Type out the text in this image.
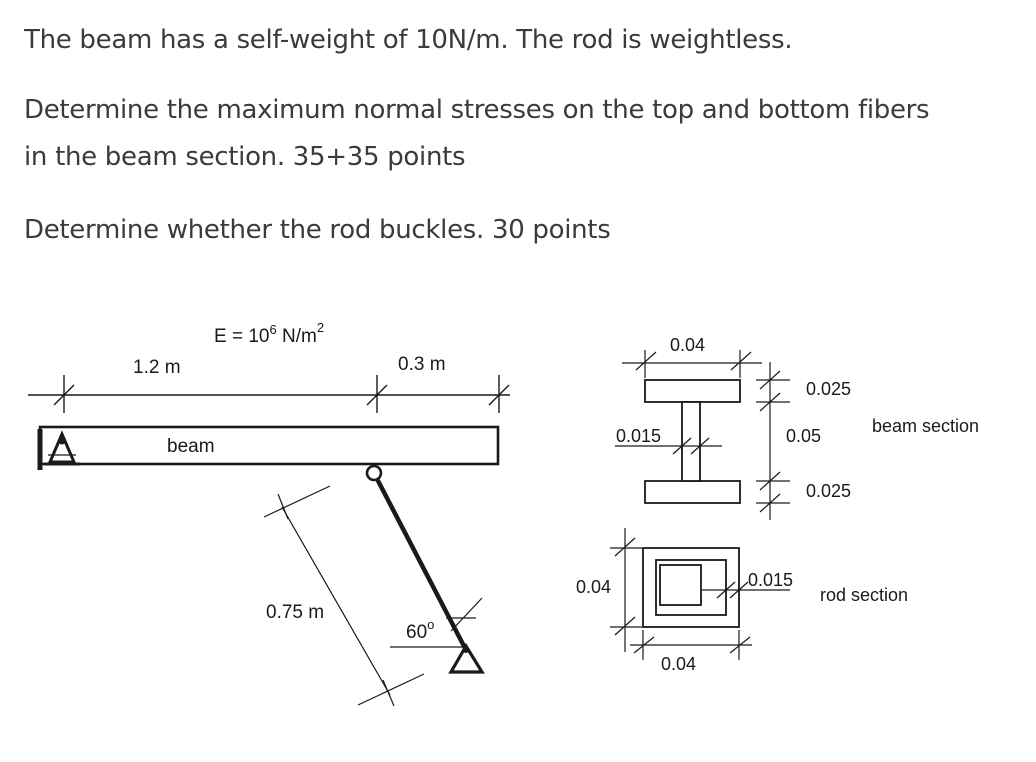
The beam has a self-weight of 10N/m. The rod is weightless.

Determine the maximum normal stresses on the top and bottom fibers

in the beam section. 35+35 points

Determine whether the rod buckles. 30 points

1.2 m	0.3 m
$E = 10^6$ $N/m^2$
beam
60$^o$
0.75 m
0.04
0.015
0.025
0.05
0.025
beam section
0.04
0.04
0.015
rod section
